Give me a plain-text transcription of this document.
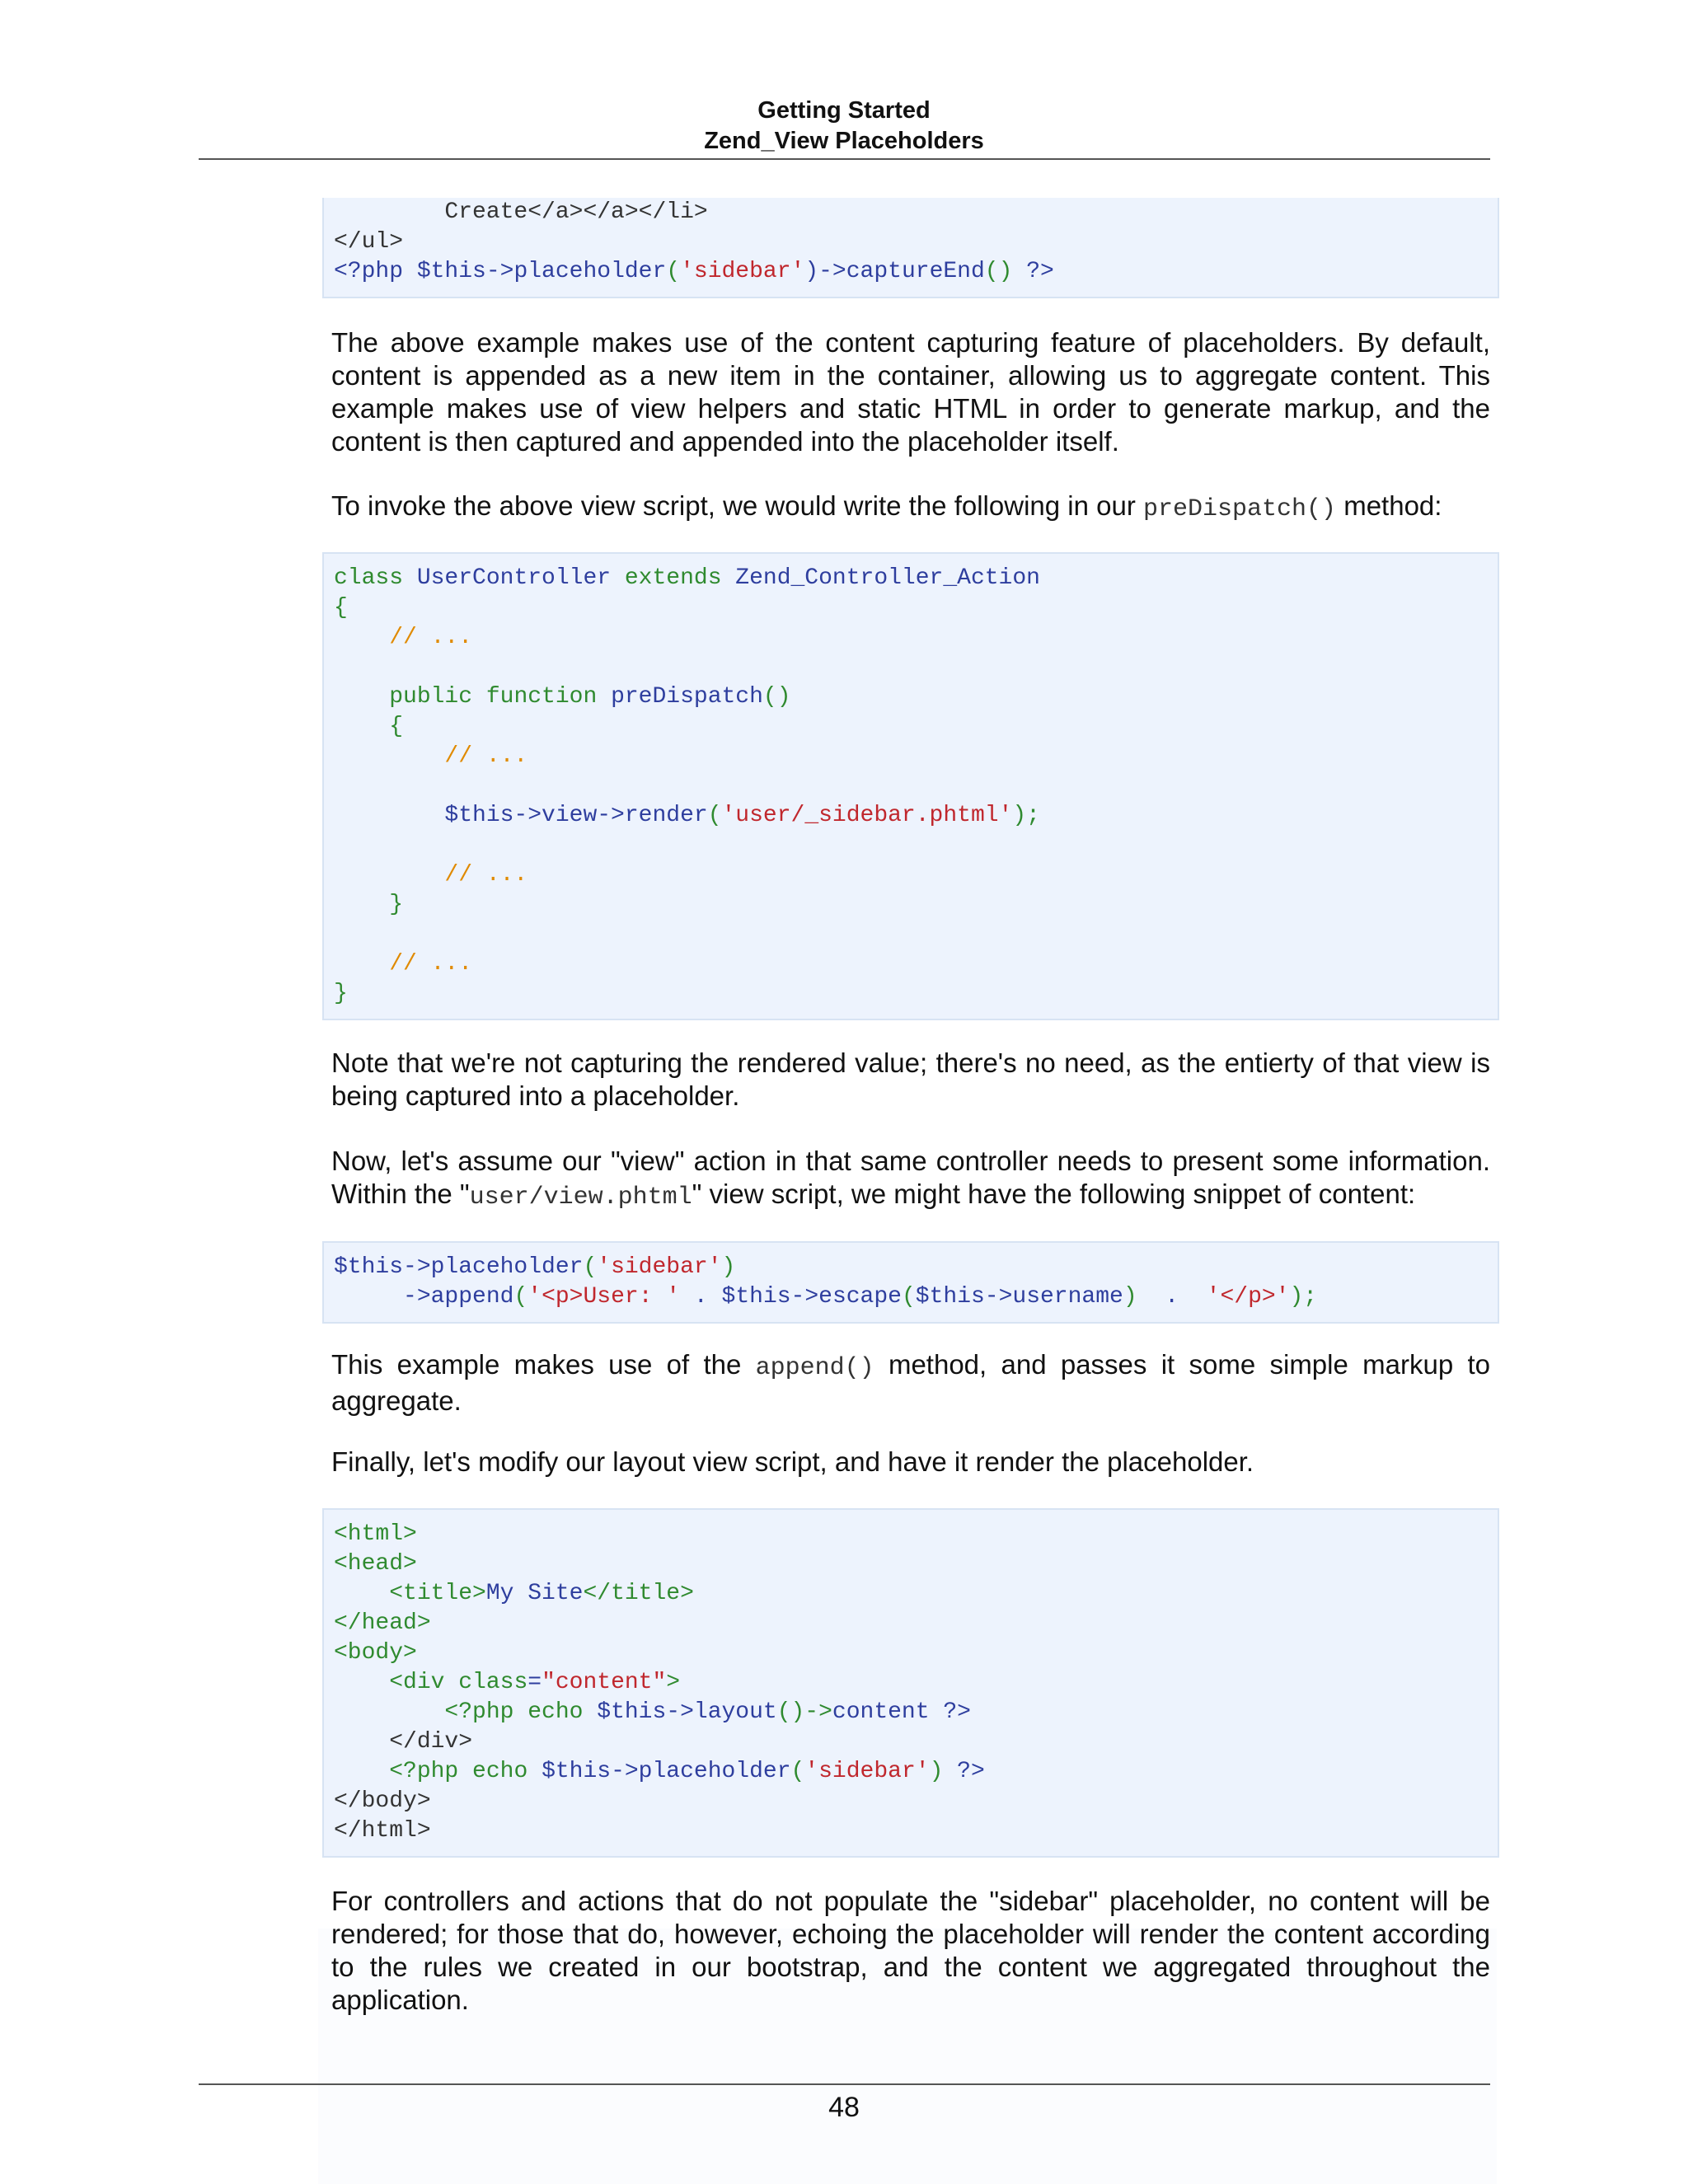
Getting Started
Zend_View Placeholders
Create</a></a></li>
</ul>
<?php $this->placeholder('sidebar')->captureEnd() ?>
The above example makes use of the content capturing feature of placeholders. By default, content is appended as a new item in the container, allowing us to aggregate content. This example makes use of view helpers and static HTML in order to generate markup, and the content is then captured and appended into the placeholder itself.
To invoke the above view script, we would write the following in our preDispatch() method:
class UserController extends Zend_Controller_Action
{
// ...
public function preDispatch()
{
// ...
$this->view->render('user/_sidebar.phtml');
// ...
}
// ...
}
Note that we're not capturing the rendered value; there's no need, as the entierty of that view is being captured into a placeholder.
Now, let's assume our "view" action in that same controller needs to present some information. Within the "user/view.phtml" view script, we might have the following snippet of content:
$this->placeholder('sidebar')
->append('<p>User: ' . $this->escape($this->username)  .  '</p>');
This example makes use of the append() method, and passes it some simple markup to aggregate.
Finally, let's modify our layout view script, and have it render the placeholder.
<html>
<head>
<title>My Site</title>
</head>
<body>
<div class="content">
<?php echo $this->layout()->content ?>
</div>
<?php echo $this->placeholder('sidebar') ?>
</body>
</html>
For controllers and actions that do not populate the "sidebar" placeholder, no content will be rendered; for those that do, however, echoing the placeholder will render the content according to the rules we created in our bootstrap, and the content we aggregated throughout the application.
48
